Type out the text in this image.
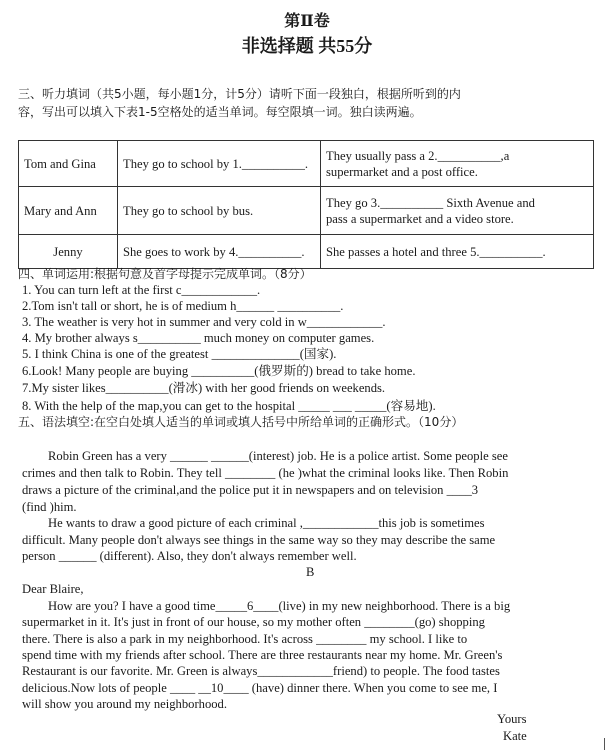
第Ⅱ卷
非选择题 共55分
三、听力填词（共5小题，每小题1分，计5分）请听下面一段独白，根据所听到的内
容，写出可以填入下表1-5空格处的适当单词。每空限填一词。独白读两遍。
Tom and Gina	They go to school by 1.__________.	They usually pass a 2.__________,a
supermarket and a post office.

Mary and Ann	They go to school by bus.	They go 3.__________ Sixth Avenue and
pass a supermarket and a video store.

Jenny	She goes to work by 4.__________.	She passes a hotel and three 5.__________.
四、单词运用:根据句意及首字母提示完成单词。（8分）
1. You can turn left at the first c____________.
2.Tom isn't tall or short, he is of medium h______ __________.
3. The weather is very hot in summer and very cold in w____________.
4. My brother always s__________ much money on computer games.
5. I think China is one of the greatest ______________(国家).
6.Look! Many people are buying __________(俄罗斯的) bread to take home.
7.My sister likes__________(滑冰) with her good friends on weekends.
8. With the help of the map,you can get to the hospital _____ ___ _____(容易地).
五、语法填空:在空白处填人适当的单词或填人括号中所给单词的正确形式。（10分）
Robin Green has a very ______ ______(interest) job. He is a police artist. Some people see
crimes and then talk to Robin. They tell ________ (he )what the criminal looks like. Then Robin
draws a picture of the criminal,and the police put it in newspapers and on television ____3
(find )him.
He wants to draw a good picture of each criminal ,____________this job is sometimes
difficult. Many people don't always see things in the same way so they may describe the same
person ______ (different). Also, they don't always remember well.
B
Dear Blaire,
How are you? I have a good time_____6____(live) in my new neighborhood. There is a big
supermarket in it. It's just in front of our house, so my mother often ________(go) shopping
there. There is also a park in my neighborhood. It's across ________ my school. I like to
spend time with my friends after school. There are three restaurants near my home. Mr. Green's
Restaurant is our favorite. Mr. Green is always____________friend) to people. The food tastes
delicious.Now lots of people ____ __10____ (have) dinner there. When you come to see me, I
will show you around my neighborhood.
Yours
Kate
